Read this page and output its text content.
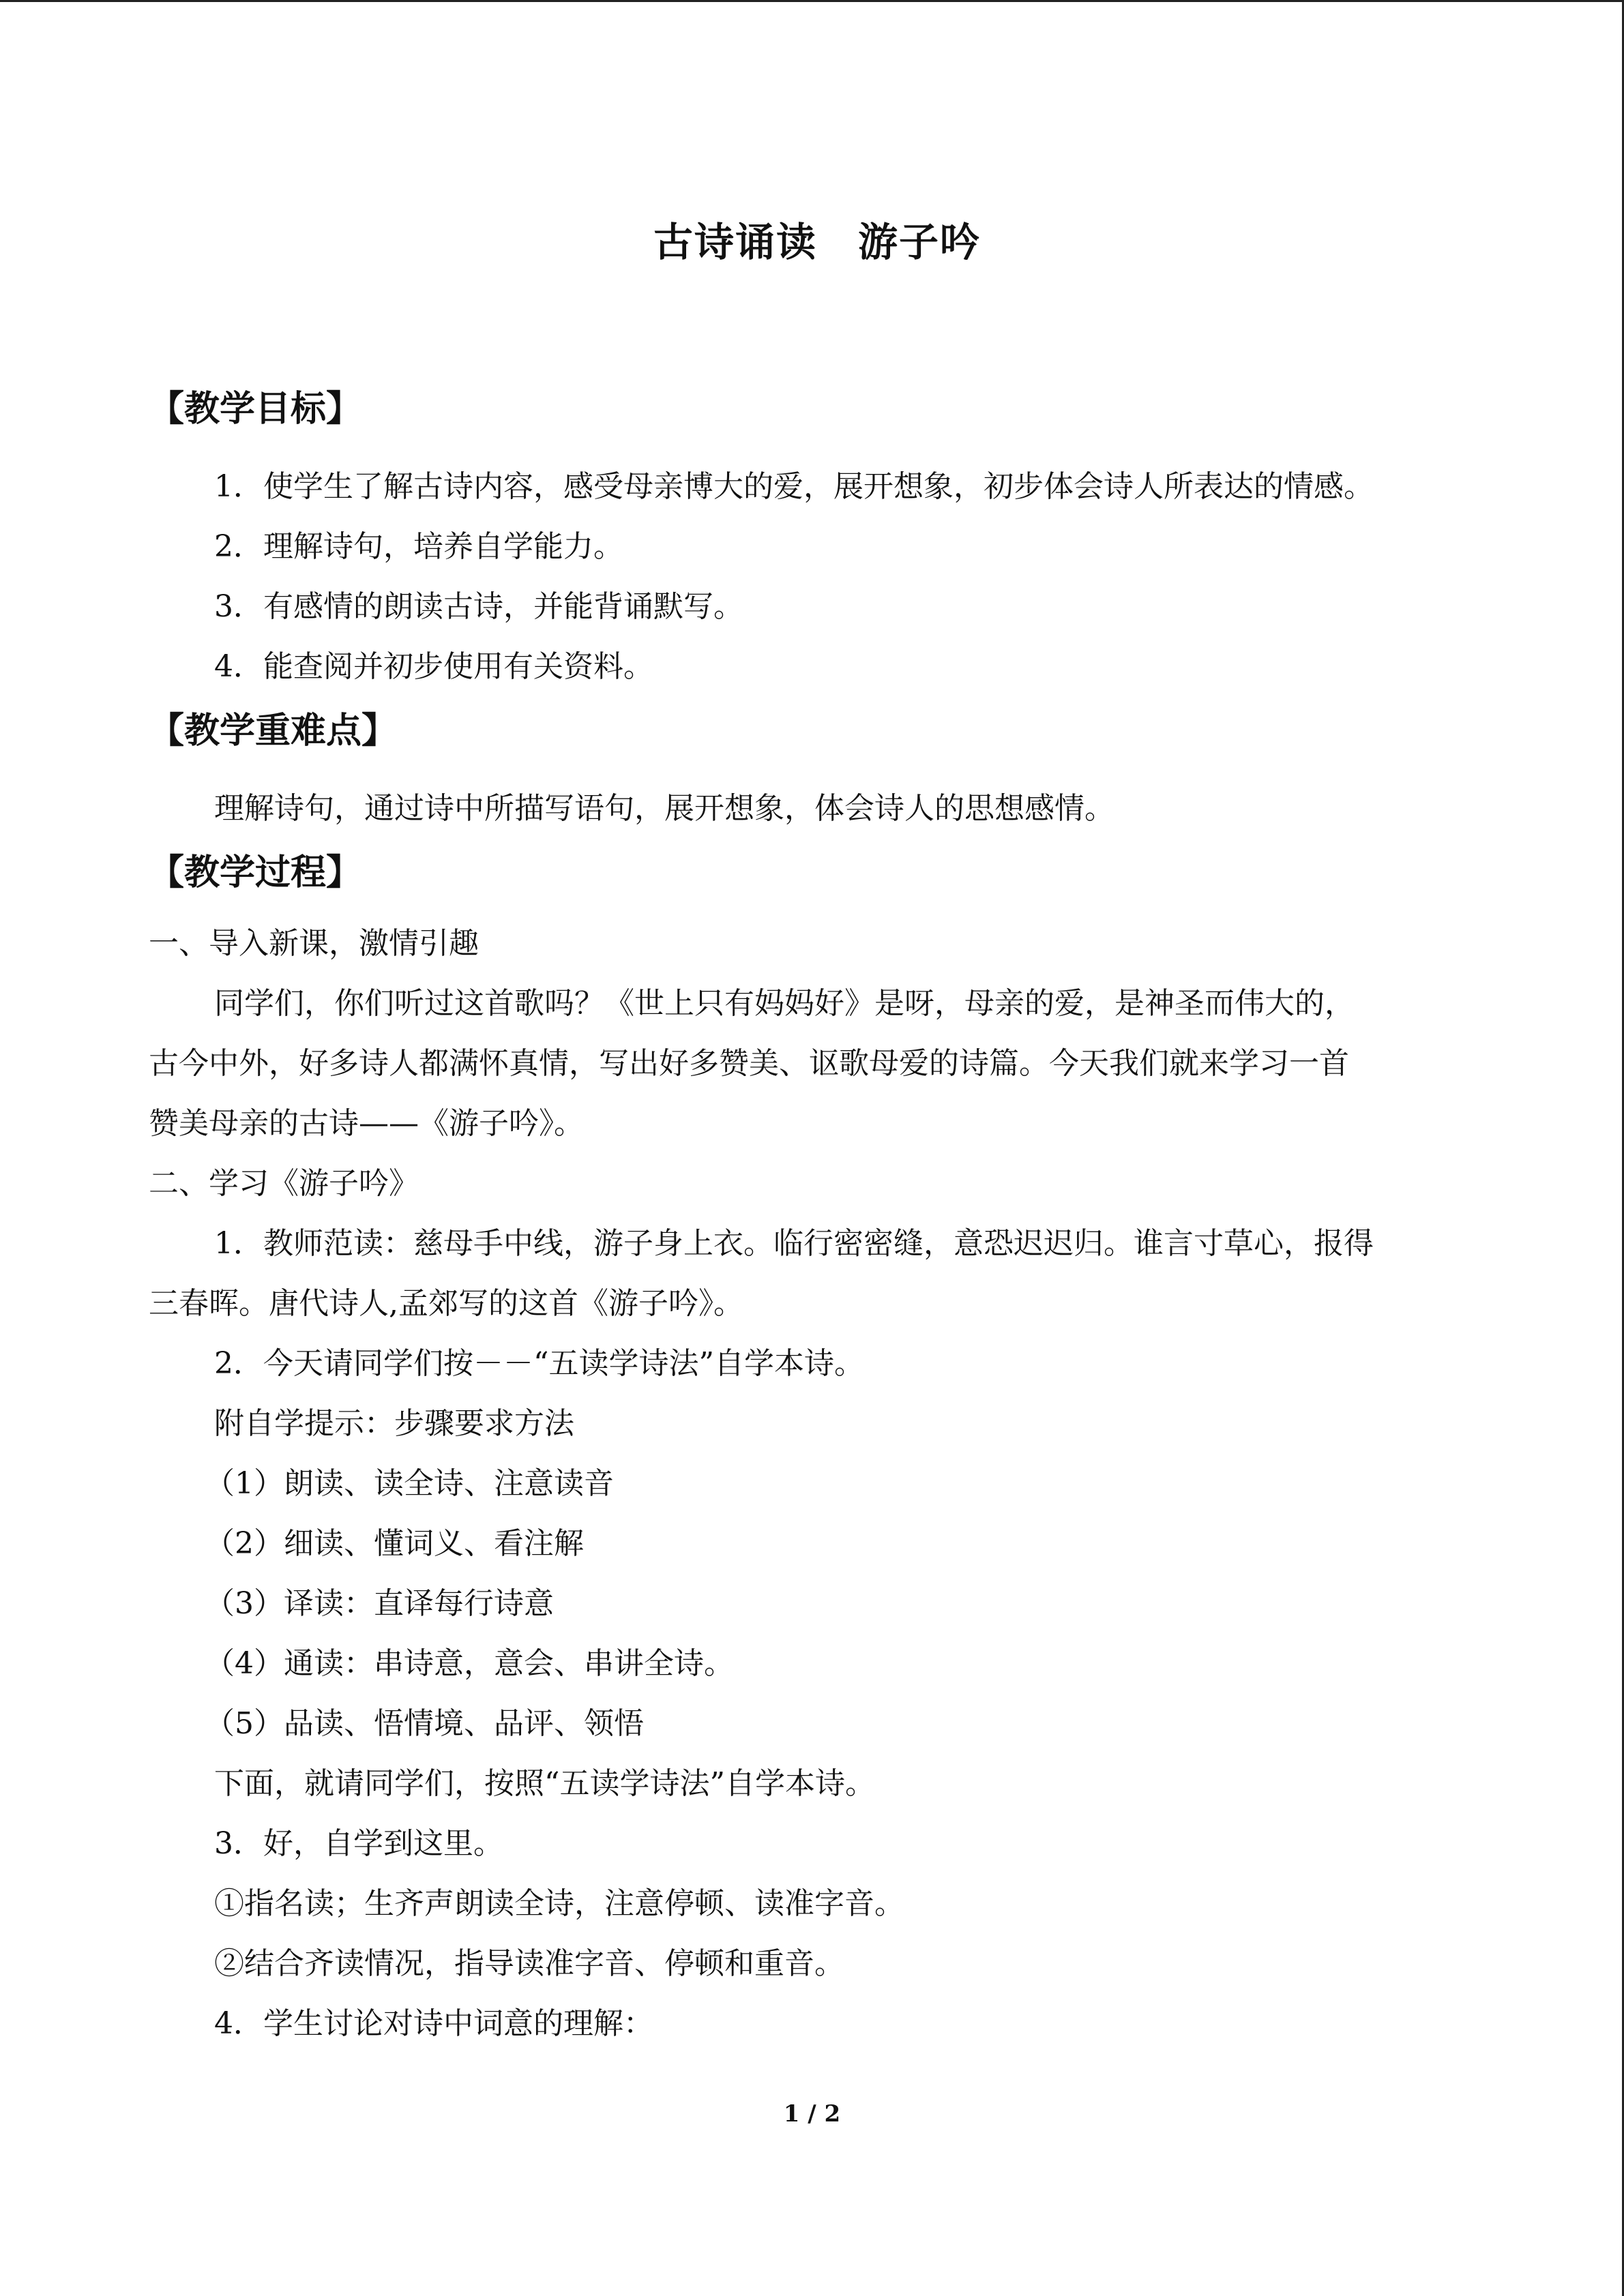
古诗诵读　游子吟
【教学目标】

1．使学生了解古诗内容，感受母亲博大的爱，展开想象，初步体会诗人所表达的情感。

2．理解诗句，培养自学能力。

3．有感情的朗读古诗，并能背诵默写。

4．能查阅并初步使用有关资料。

【教学重难点】

理解诗句，通过诗中所描写语句，展开想象，体会诗人的思想感情。

【教学过程】

一、导入新课，激情引趣

同学们，你们听过这首歌吗？《世上只有妈妈好》是呀，母亲的爱，是神圣而伟大的，

古今中外，好多诗人都满怀真情，写出好多赞美、讴歌母爱的诗篇。今天我们就来学习一首

赞美母亲的古诗——《游子吟》。

二、学习《游子吟》

1．教师范读：慈母手中线，游子身上衣。临行密密缝，意恐迟迟归。谁言寸草心，报得

三春晖。唐代诗人,孟郊写的这首《游子吟》。

2．今天请同学们按－－“五读学诗法”自学本诗。

附自学提示：步骤要求方法

（1）朗读、读全诗、注意读音

（2）细读、懂词义、看注解

（3）译读：直译每行诗意

（4）通读：串诗意，意会、串讲全诗。

（5）品读、悟情境、品评、领悟

下面，就请同学们，按照“五读学诗法”自学本诗。

3．好，自学到这里。

①指名读；生齐声朗读全诗，注意停顿、读准字音。

②结合齐读情况，指导读准字音、停顿和重音。

4．学生讨论对诗中词意的理解：

1 / 2
